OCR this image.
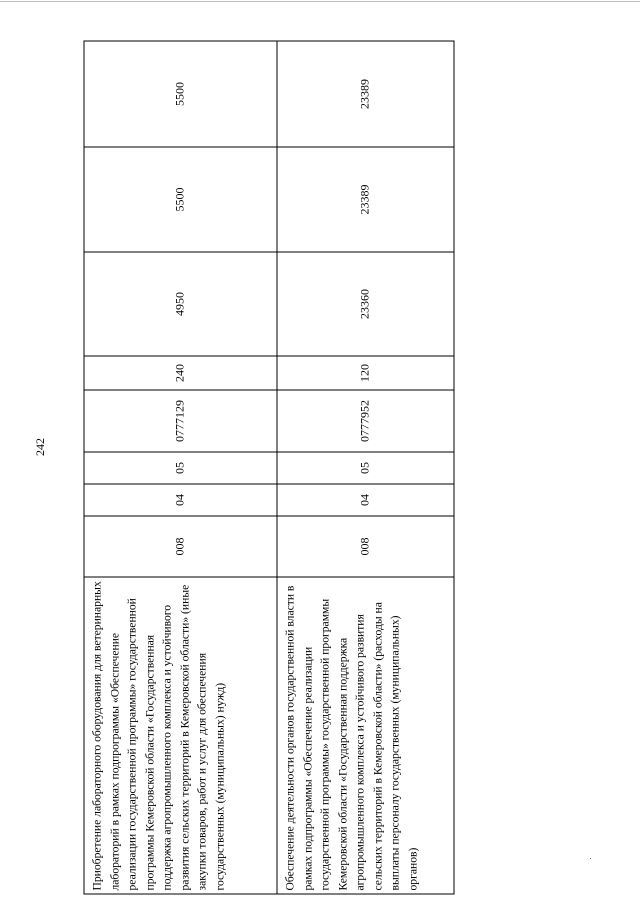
242
Приобретение лабораторного оборудования для ветеринарных лабораторий в рамках подпрограммы «Обеспечение реализации государственной программы» государственной программы Кемеровской области «Государственная поддержка агропромышленного комплекса и устойчивого развития сельских территорий в Кемеровской области» (иные закупки товаров, работ и услуг для обеспечения государственных (муниципальных) нужд)	008	04	05	0777129	240	4950	5500	5500
Обеспечение деятельности органов государственной власти в рамках подпрограммы «Обеспечение реализации государственной программы» государственной программы Кемеровской области «Государственная поддержка агропромышленного комплекса и устойчивого развития сельских территорий в Кемеровской области» (расходы на выплаты персоналу государственных (муниципальных) органов)	008	04	05	0777952	120	23360	23389	23389
